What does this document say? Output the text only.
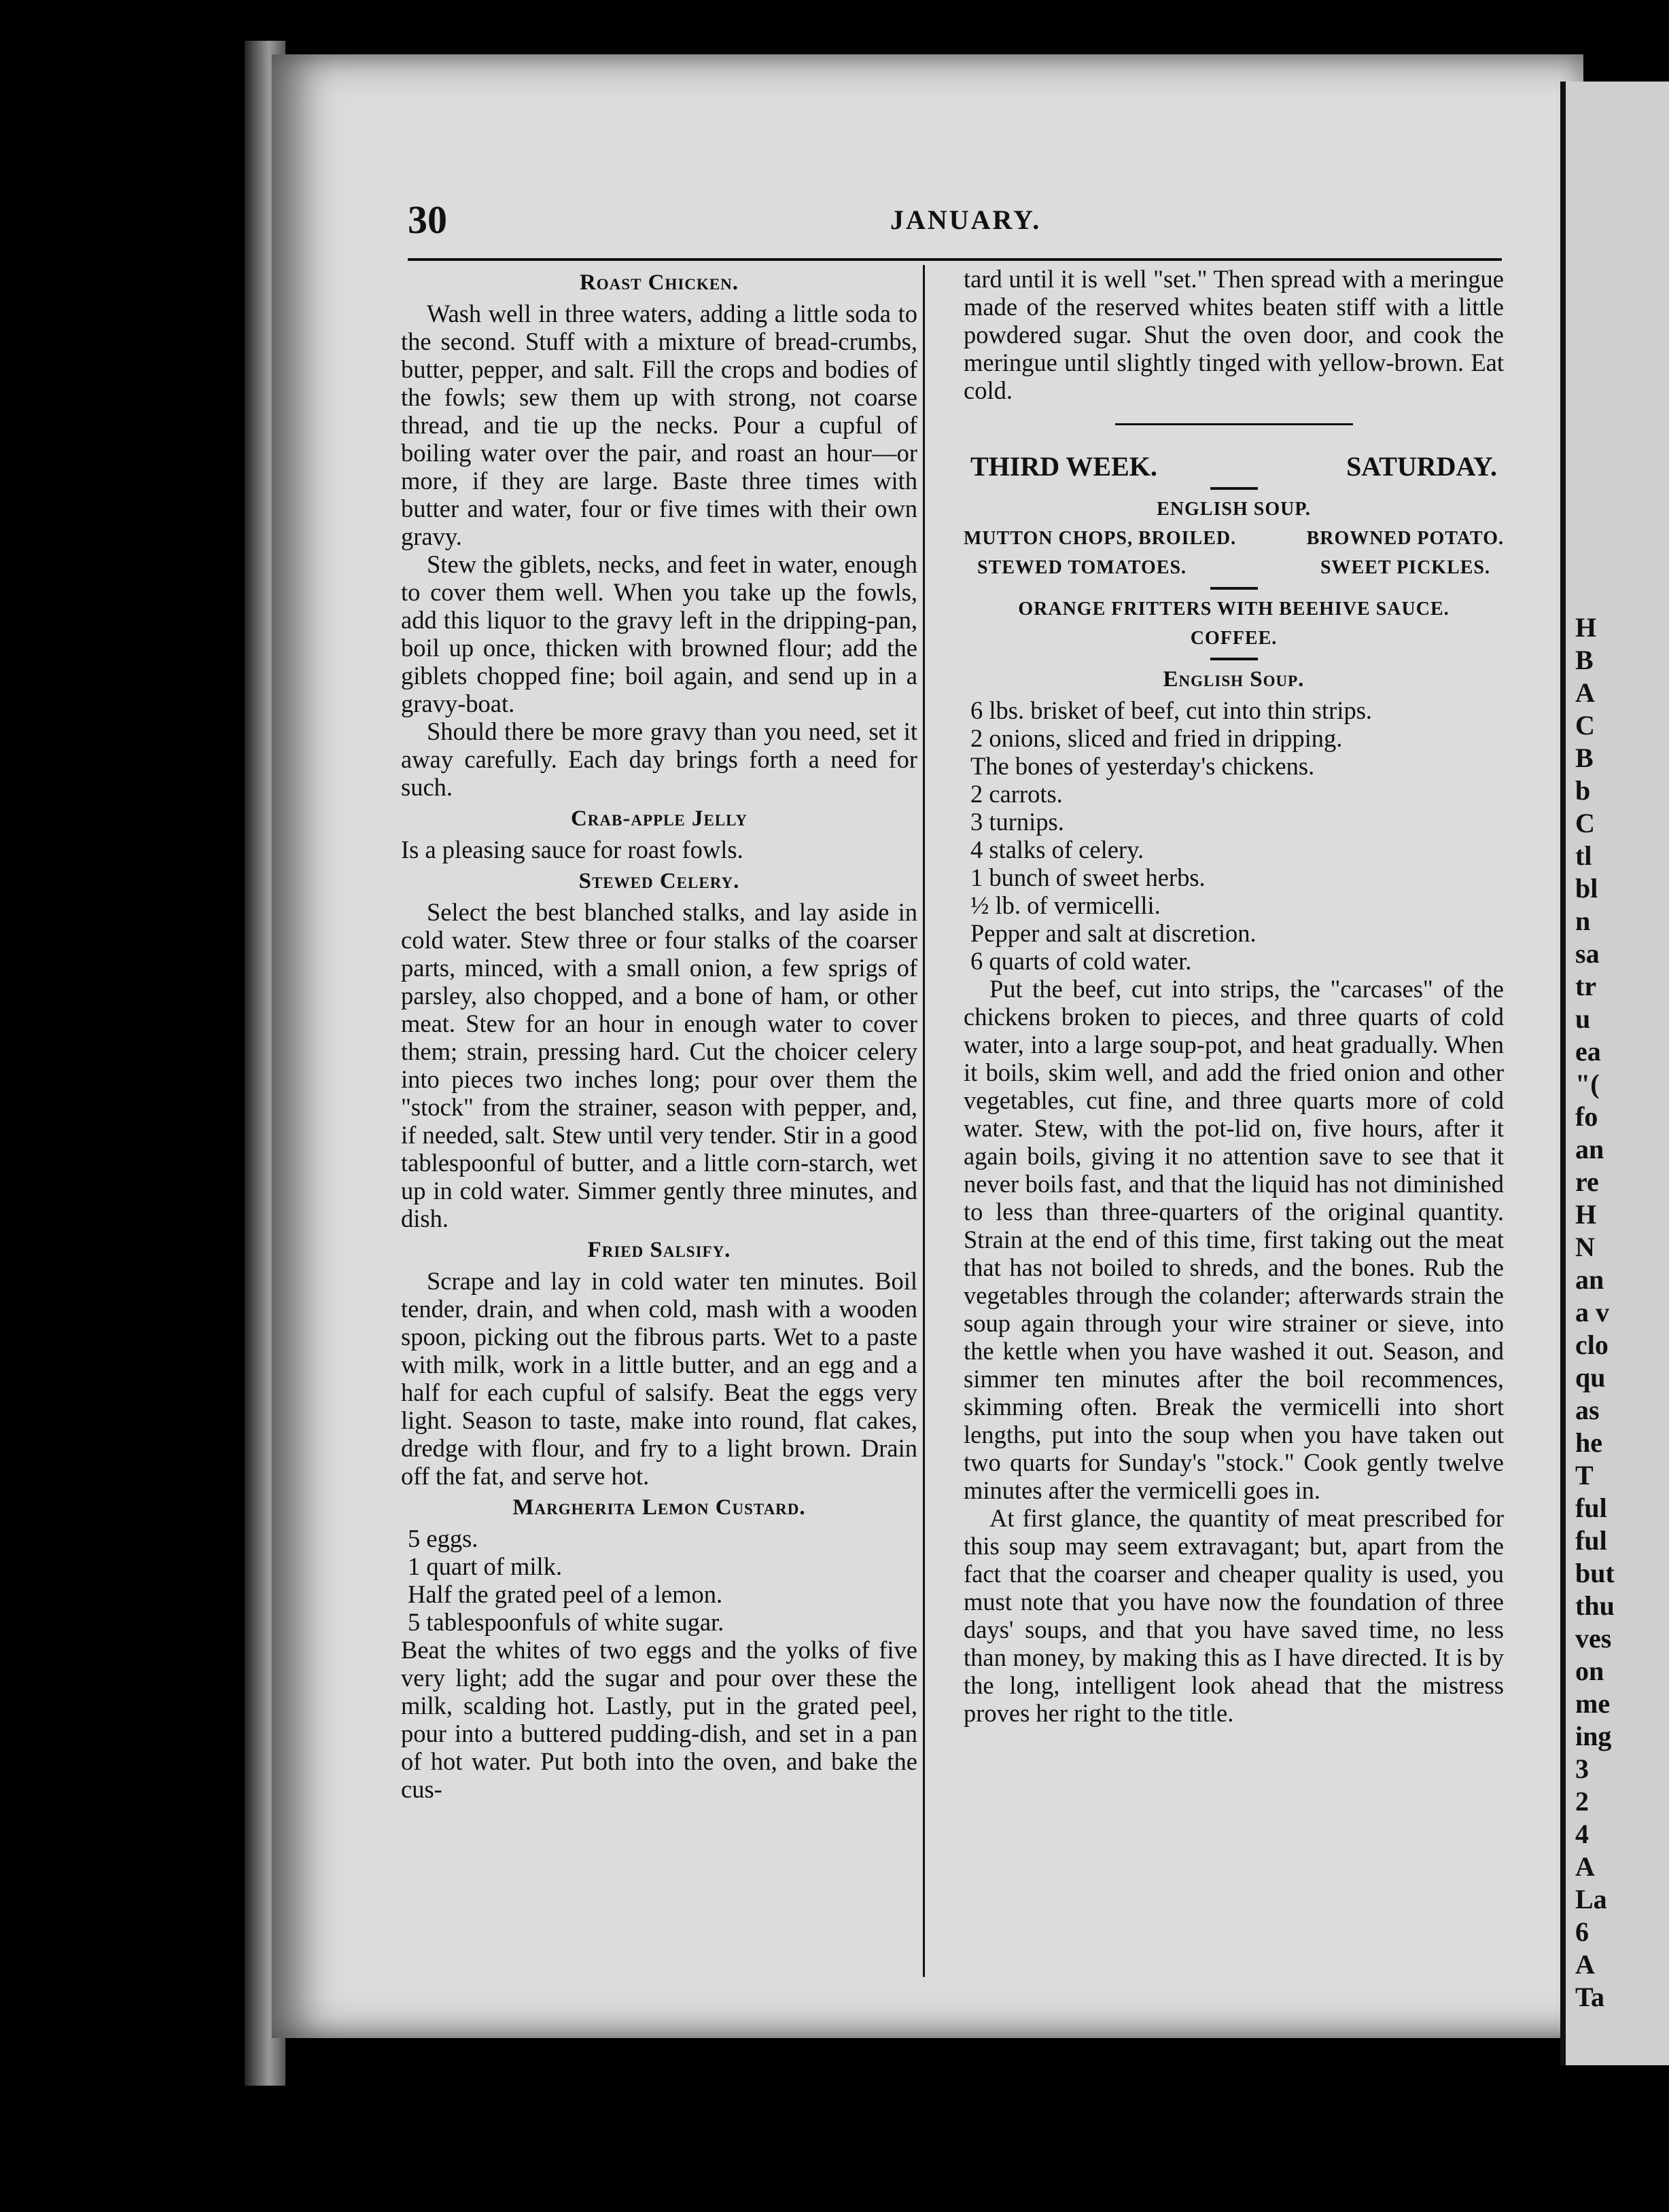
H
B
A
C
B
b
C
tl
bl
n
sa
tr
u
ea
"(
fo
an
re
H
N
an
a v
clo
qu
as
he
T
ful
ful
but
thu
ves
on
me
ing
3
2
4
A
La
6
A
Ta
30	JANUARY.
Roast Chicken.

Wash well in three waters, adding a little soda to the second. Stuff with a mixture of bread-crumbs, butter, pepper, and salt. Fill the crops and bodies of the fowls; sew them up with strong, not coarse thread, and tie up the necks. Pour a cupful of boiling water over the pair, and roast an hour—or more, if they are large. Baste three times with butter and water, four or five times with their own gravy.

Stew the giblets, necks, and feet in water, enough to cover them well. When you take up the fowls, add this liquor to the gravy left in the dripping-pan, boil up once, thicken with browned flour; add the giblets chopped fine; boil again, and send up in a gravy-boat.

Should there be more gravy than you need, set it away carefully. Each day brings forth a need for such.

Crab-apple Jelly

Is a pleasing sauce for roast fowls.

Stewed Celery.

Select the best blanched stalks, and lay aside in cold water. Stew three or four stalks of the coarser parts, minced, with a small onion, a few sprigs of parsley, also chopped, and a bone of ham, or other meat. Stew for an hour in enough water to cover them; strain, pressing hard. Cut the choicer celery into pieces two inches long; pour over them the "stock" from the strainer, season with pepper, and, if needed, salt. Stew until very tender. Stir in a good tablespoonful of butter, and a little corn-starch, wet up in cold water. Simmer gently three minutes, and dish.

Fried Salsify.

Scrape and lay in cold water ten minutes. Boil tender, drain, and when cold, mash with a wooden spoon, picking out the fibrous parts. Wet to a paste with milk, work in a little butter, and an egg and a half for each cupful of salsify. Beat the eggs very light. Season to taste, make into round, flat cakes, dredge with flour, and fry to a light brown. Drain off the fat, and serve hot.

Margherita Lemon Custard.
5 eggs.
1 quart of milk.
Half the grated peel of a lemon.
5 tablespoonfuls of white sugar.

Beat the whites of two eggs and the yolks of five very light; add the sugar and pour over these the milk, scalding hot. Lastly, put in the grated peel, pour into a buttered pudding-dish, and set in a pan of hot water. Put both into the oven, and bake the cus-

tard until it is well "set." Then spread with a meringue made of the reserved whites beaten stiff with a little powdered sugar. Shut the oven door, and cook the meringue until slightly tinged with yellow-brown. Eat cold.

THIRD WEEK.	SATURDAY.
ENGLISH SOUP.
MUTTON CHOPS, BROILED.	BROWNED POTATO.
STEWED TOMATOES.	SWEET PICKLES.
ORANGE FRITTERS WITH BEEHIVE SAUCE.
COFFEE.
English Soup.
6 lbs. brisket of beef, cut into thin strips.
2 onions, sliced and fried in dripping.
The bones of yesterday's chickens.
2 carrots.
3 turnips.
4 stalks of celery.
1 bunch of sweet herbs.
½ lb. of vermicelli.
Pepper and salt at discretion.
6 quarts of cold water.

Put the beef, cut into strips, the "carcases" of the chickens broken to pieces, and three quarts of cold water, into a large soup-pot, and heat gradually. When it boils, skim well, and add the fried onion and other vegetables, cut fine, and three quarts more of cold water. Stew, with the pot-lid on, five hours, after it again boils, giving it no attention save to see that it never boils fast, and that the liquid has not diminished to less than three-quarters of the original quantity. Strain at the end of this time, first taking out the meat that has not boiled to shreds, and the bones. Rub the vegetables through the colander; afterwards strain the soup again through your wire strainer or sieve, into the kettle when you have washed it out. Season, and simmer ten minutes after the boil recommences, skimming often. Break the vermicelli into short lengths, put into the soup when you have taken out two quarts for Sunday's "stock." Cook gently twelve minutes after the vermicelli goes in.

At first glance, the quantity of meat prescribed for this soup may seem extravagant; but, apart from the fact that the coarser and cheaper quality is used, you must note that you have now the foundation of three days' soups, and that you have saved time, no less than money, by making this as I have directed. It is by the long, intelligent look ahead that the mistress proves her right to the title.
